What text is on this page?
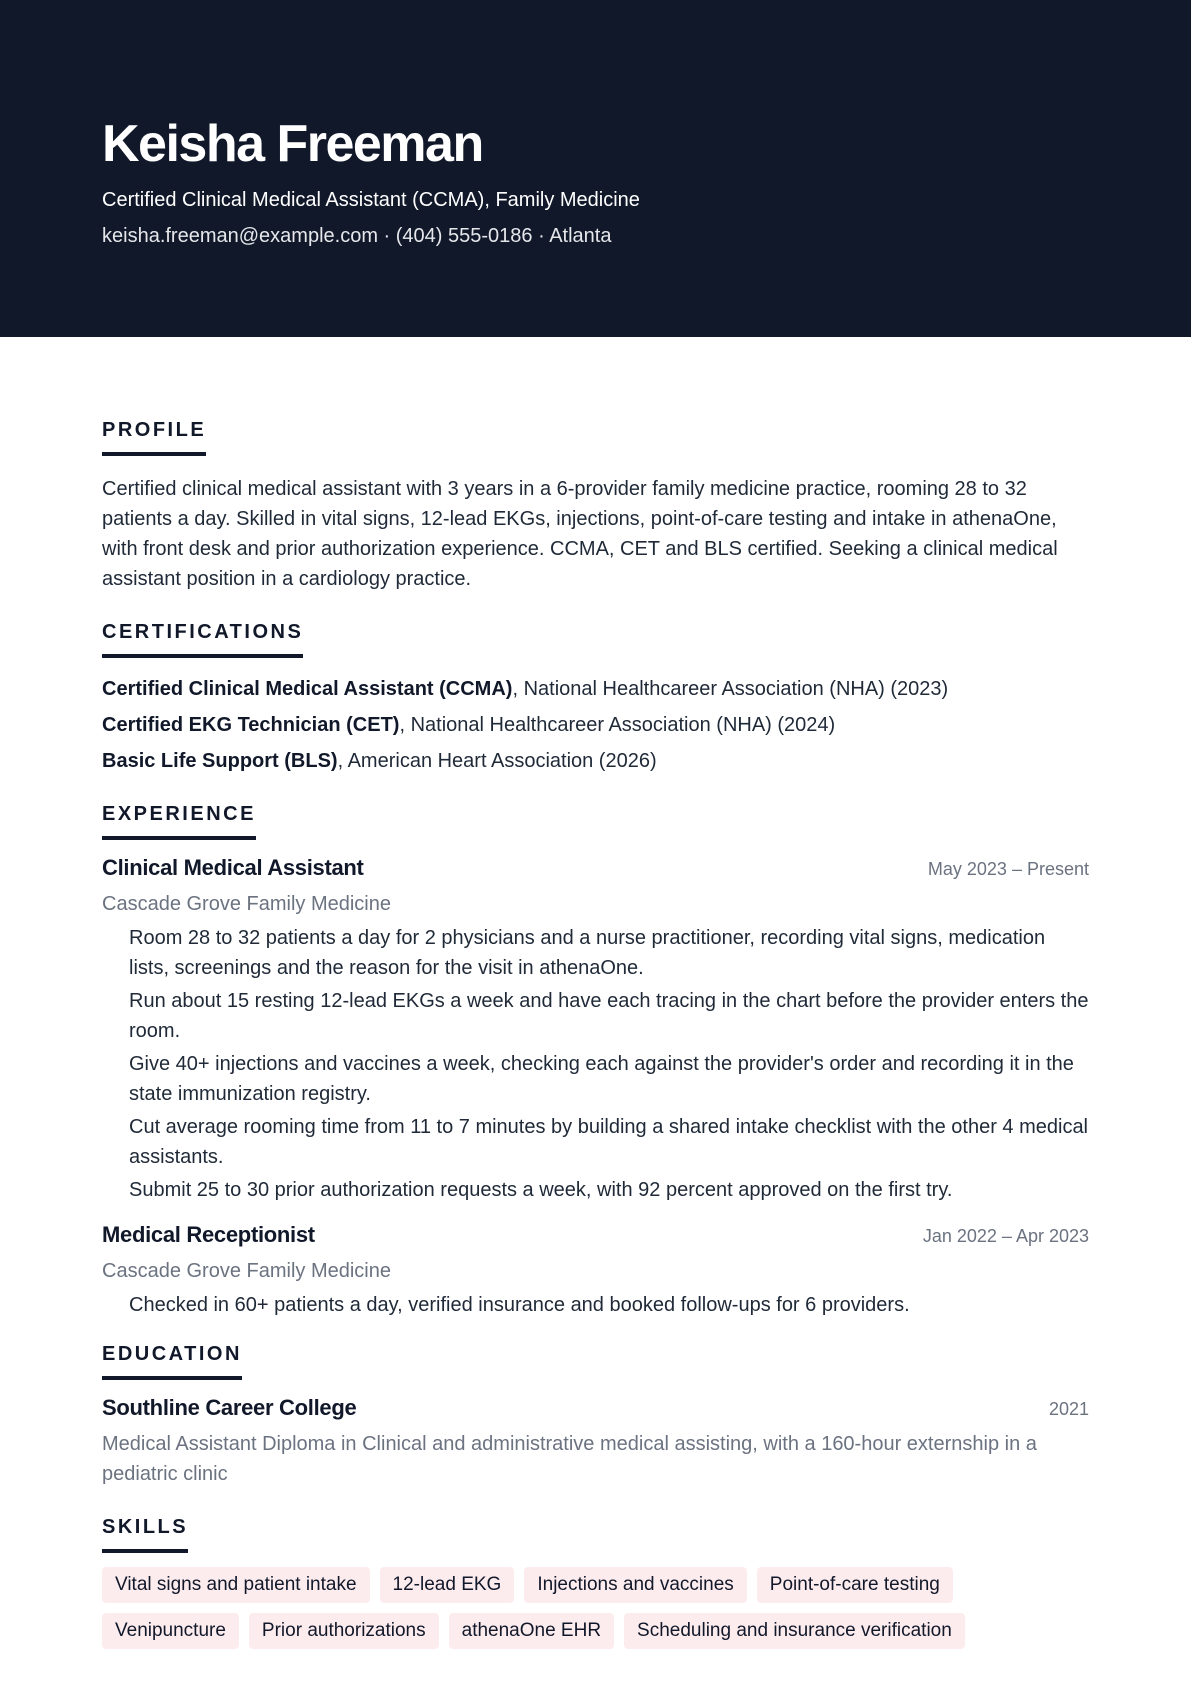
Keisha Freeman
Certified Clinical Medical Assistant (CCMA), Family Medicine
keisha.freeman@example.com · (404) 555-0186 · Atlanta
PROFILE

Certified clinical medical assistant with 3 years in a 6-provider family medicine practice, rooming 28 to 32 patients a day. Skilled in vital signs, 12-lead EKGs, injections, point-of-care testing and intake in athenaOne, with front desk and prior authorization experience. CCMA, CET and BLS certified. Seeking a clinical medical assistant position in a cardiology practice.

CERTIFICATIONS
Certified Clinical Medical Assistant (CCMA), National Healthcareer Association (NHA) (2023)
Certified EKG Technician (CET), National Healthcareer Association (NHA) (2024)
Basic Life Support (BLS), American Heart Association (2026)
EXPERIENCE
Clinical Medical Assistant	May 2023 – Present
Cascade Grove Family Medicine
Room 28 to 32 patients a day for 2 physicians and a nurse practitioner, recording vital signs, medication lists, screenings and the reason for the visit in athenaOne.
Run about 15 resting 12-lead EKGs a week and have each tracing in the chart before the provider enters the room.
Give 40+ injections and vaccines a week, checking each against the provider's order and recording it in the state immunization registry.
Cut average rooming time from 11 to 7 minutes by building a shared intake checklist with the other 4 medical assistants.
Submit 25 to 30 prior authorization requests a week, with 92 percent approved on the first try.
Medical Receptionist	Jan 2022 – Apr 2023
Cascade Grove Family Medicine
Checked in 60+ patients a day, verified insurance and booked follow-ups for 6 providers.
EDUCATION
Southline Career College	2021
Medical Assistant Diploma in Clinical and administrative medical assisting, with a 160-hour externship in a pediatric clinic
SKILLS
Vital signs and patient intake	12-lead EKG	Injections and vaccines	Point-of-care testing
Venipuncture	Prior authorizations	athenaOne EHR	Scheduling and insurance verification
